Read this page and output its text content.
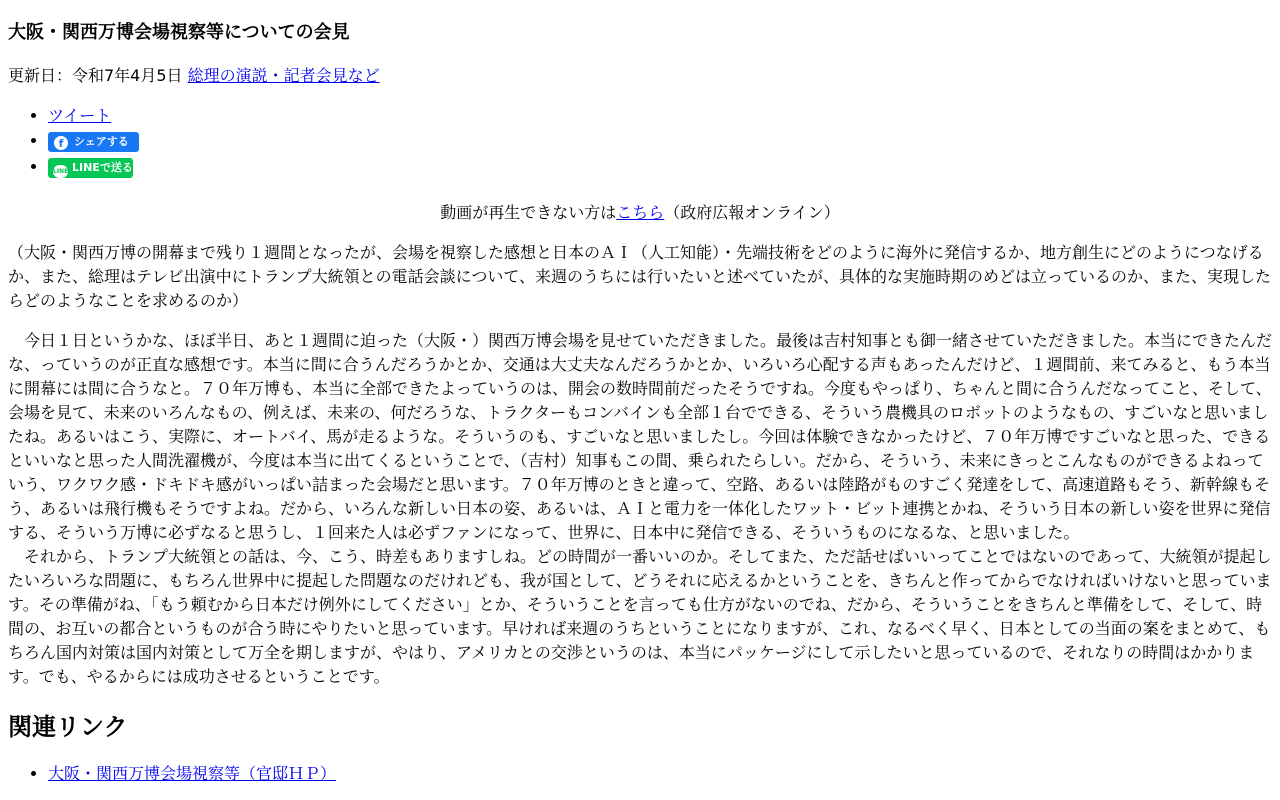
大阪・関西万博会場視察等についての会見
更新日：令和7年4月5日 総理の演説・記者会見など
• ツイート
• f シェアする
• LINE LINEで送る
動画が再生できない方はこちら（政府広報オンライン）

（大阪・関西万博の開幕まで残り１週間となったが、会場を視察した感想と日本のＡＩ（人工知能）・先端技術をどのように海外に発信するか、地方創生にどのようにつなげるか、また、総理はテレビ出演中にトランプ大統領との電話会談について、来週のうちには行いたいと述べていたが、具体的な実施時期のめどは立っているのか、また、実現したらどのようなことを求めるのか）

今日１日というかな、ほぼ半日、あと１週間に迫った（大阪・）関西万博会場を見せていただきました。最後は吉村知事とも御一緒させていただきました。本当にできたんだな、っていうのが正直な感想です。本当に間に合うんだろうかとか、交通は大丈夫なんだろうかとか、いろいろ心配する声もあったんだけど、１週間前、来てみると、もう本当に開幕には間に合うなと。７０年万博も、本当に全部できたよっていうのは、開会の数時間前だったそうですね。今度もやっぱり、ちゃんと間に合うんだなってこと、そして、会場を見て、未来のいろんなもの、例えば、未来の、何だろうな、トラクターもコンバインも全部１台でできる、そういう農機具のロボットのようなもの、すごいなと思いましたね。あるいはこう、実際に、オートバイ、馬が走るような。そういうのも、すごいなと思いましたし。今回は体験できなかったけど、７０年万博ですごいなと思った、できるといいなと思った人間洗濯機が、今度は本当に出てくるということで、（吉村）知事もこの間、乗られたらしい。だから、そういう、未来にきっとこんなものができるよねっていう、ワクワク感・ドキドキ感がいっぱい詰まった会場だと思います。７０年万博のときと違って、空路、あるいは陸路がものすごく発達をして、高速道路もそう、新幹線もそう、あるいは飛行機もそうですよね。だから、いろんな新しい日本の姿、あるいは、ＡＩと電力を一体化したワット・ビット連携とかね、そういう日本の新しい姿を世界に発信する、そういう万博に必ずなると思うし、１回来た人は必ずファンになって、世界に、日本中に発信できる、そういうものになるな、と思いました。

それから、トランプ大統領との話は、今、こう、時差もありますしね。どの時間が一番いいのか。そしてまた、ただ話せばいいってことではないのであって、大統領が提起したいろいろな問題に、もちろん世界中に提起した問題なのだけれども、我が国として、どうそれに応えるかということを、きちんと作ってからでなければいけないと思っています。その準備がね、「もう頼むから日本だけ例外にしてください」とか、そういうことを言っても仕方がないのでね、だから、そういうことをきちんと準備をして、そして、時間の、お互いの都合というものが合う時にやりたいと思っています。早ければ来週のうちということになりますが、これ、なるべく早く、日本としての当面の案をまとめて、もちろん国内対策は国内対策として万全を期しますが、やはり、アメリカとの交渉というのは、本当にパッケージにして示したいと思っているので、それなりの時間はかかります。でも、やるからには成功させるということです。

関連リンク
• 大阪・関西万博会場視察等（官邸ＨＰ）
